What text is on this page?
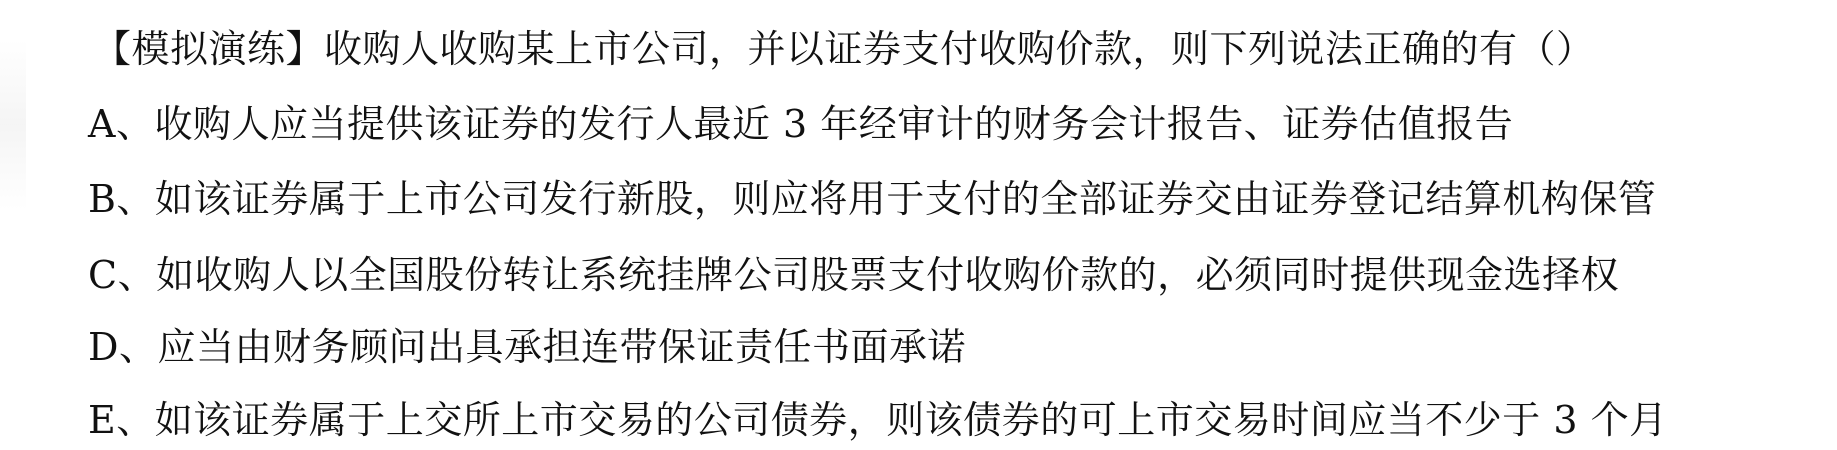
【模拟演练】收购人收购某上市公司，并以证券支付收购价款，则下列说法正确的有（）
A、收购人应当提供该证券的发行人最近 3 年经审计的财务会计报告、证券估值报告
B、如该证券属于上市公司发行新股，则应将用于支付的全部证券交由证券登记结算机构保管
C、如收购人以全国股份转让系统挂牌公司股票支付收购价款的，必须同时提供现金选择权
D、应当由财务顾问出具承担连带保证责任书面承诺
E、如该证券属于上交所上市交易的公司债券，则该债券的可上市交易时间应当不少于 3 个月
